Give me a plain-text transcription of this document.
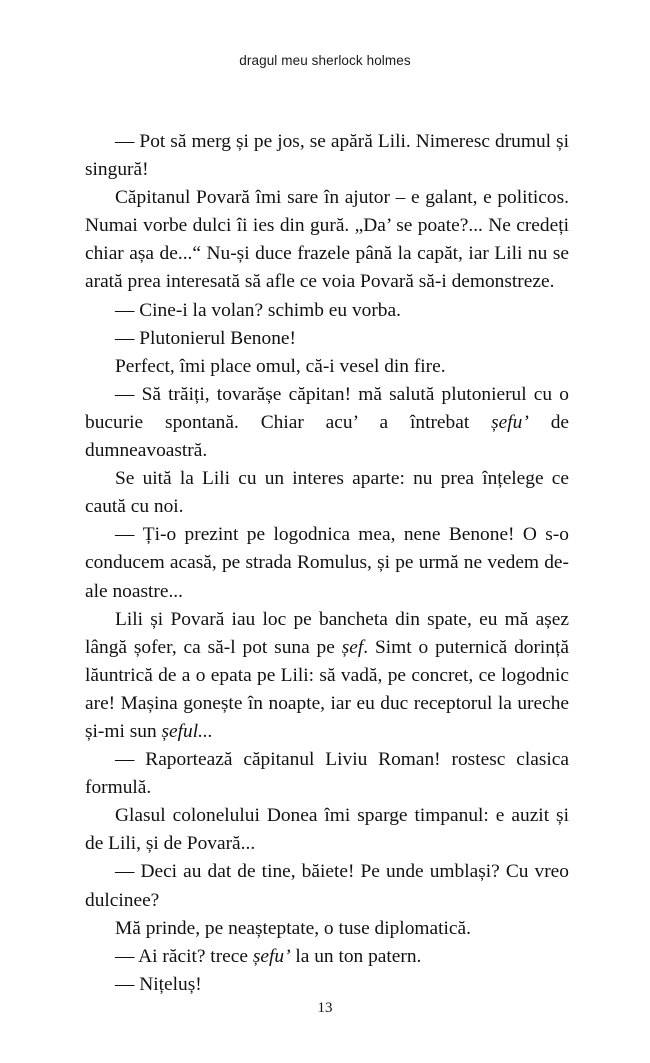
dragul meu sherlock holmes

— Pot să merg și pe jos, se apără Lili. Nimeresc drumul și singură!

Căpitanul Povară îmi sare în ajutor – e galant, e politicos. Numai vorbe dulci îi ies din gură. „Da’ se poate?... Ne credeți chiar așa de...“ Nu-și duce frazele până la capăt, iar Lili nu se arată prea interesată să afle ce voia Povară să-i demonstreze.

— Cine-i la volan? schimb eu vorba.

— Plutonierul Benone!

Perfect, îmi place omul, că-i vesel din fire.

— Să trăiți, tovarășe căpitan! mă salută plutonierul cu o bucurie spontană. Chiar acu’ a întrebat șefu’ de dumneavoastră.

Se uită la Lili cu un interes aparte: nu prea înțelege ce caută cu noi.

— Ți-o prezint pe logodnica mea, nene Benone! O s-o conducem acasă, pe strada Romulus, și pe urmă ne vedem de-ale noastre...

Lili și Povară iau loc pe bancheta din spate, eu mă așez lângă șofer, ca să-l pot suna pe șef. Simt o puternică dorință lăuntrică de a o epata pe Lili: să vadă, pe concret, ce logodnic are! Mașina gonește în noapte, iar eu duc receptorul la ureche și-mi sun șeful...

— Raportează căpitanul Liviu Roman! rostesc clasica formulă.

Glasul colonelului Donea îmi sparge timpanul: e auzit și de Lili, și de Povară...

— Deci au dat de tine, băiete! Pe unde umblași? Cu vreo dulcinee?

Mă prinde, pe neașteptate, o tuse diplomatică.

— Ai răcit? trece șefu’ la un ton patern.

— Nițeluș!

13
